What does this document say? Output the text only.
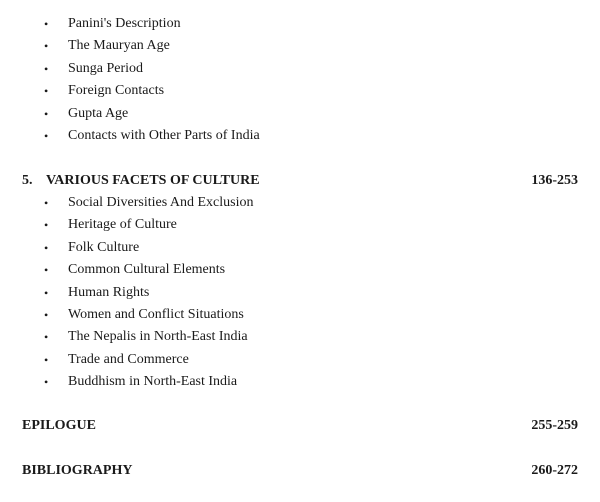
• Panini's Description
• The Mauryan Age
• Sunga Period
• Foreign Contacts
• Gupta Age
• Contacts with Other Parts of India
5. VARIOUS FACETS OF CULTURE	136-253
• Social Diversities And Exclusion
• Heritage of Culture
• Folk Culture
• Common Cultural Elements
• Human Rights
• Women and Conflict Situations
• The Nepalis in North-East India
• Trade and Commerce
• Buddhism in North-East India
EPILOGUE	255-259
BIBLIOGRAPHY	260-272
